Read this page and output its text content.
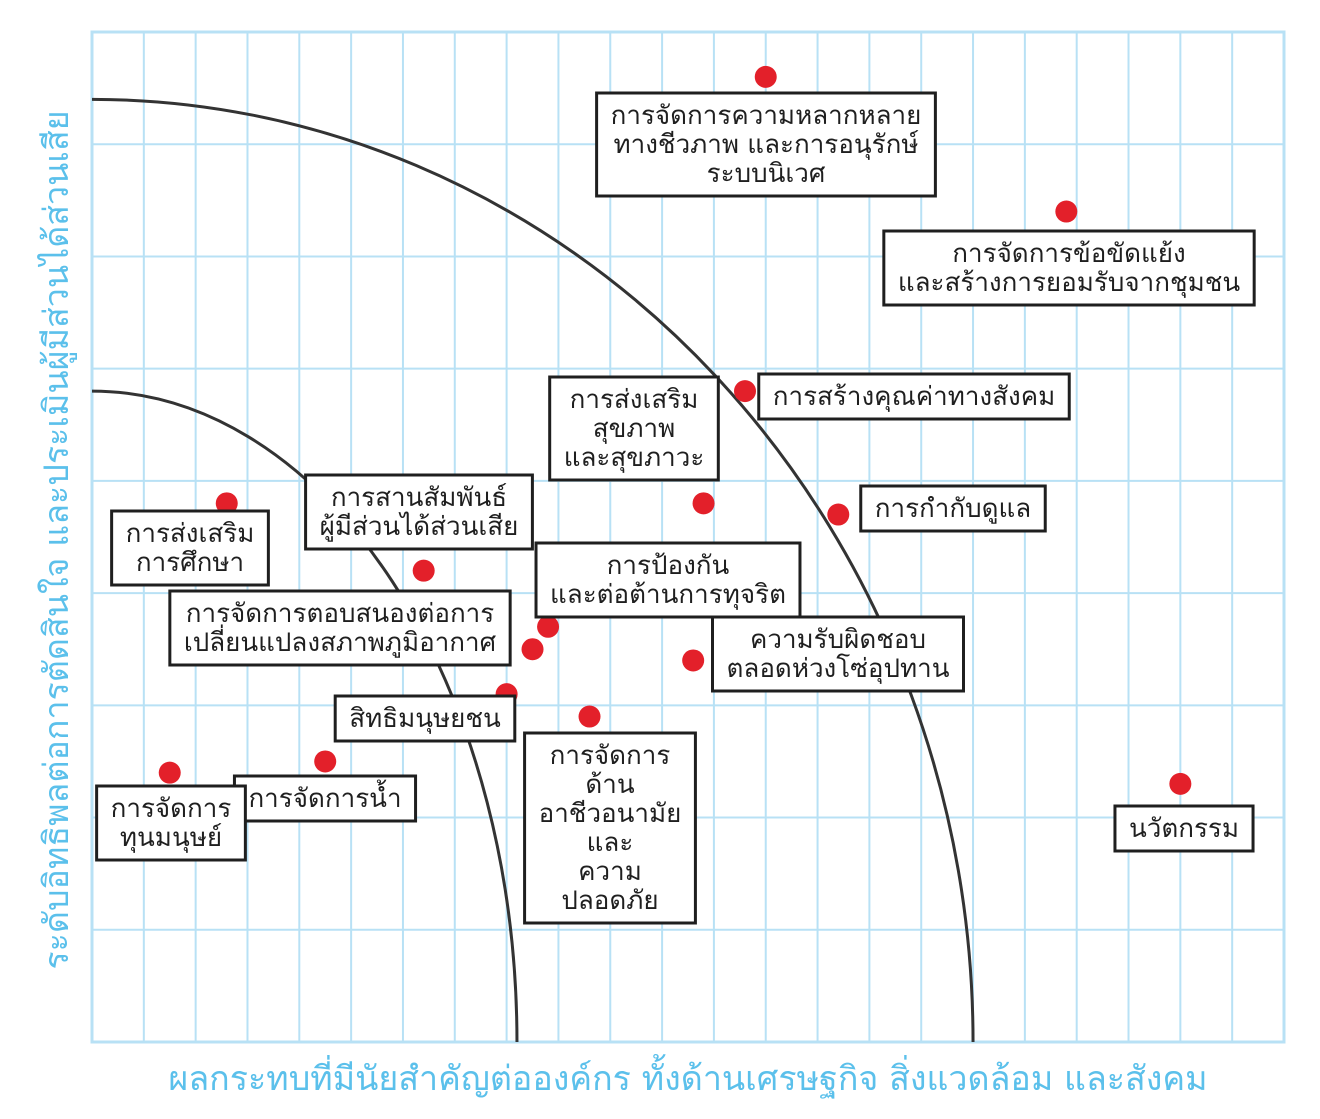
การจัดการความหลากหลาย
ทางชีวภาพ และการอนุรักษ์
ระบบนิเวศ
การจัดการข้อขัดแย้ง
และสร้างการยอมรับจากชุมชน
การสร้างคุณค่าทางสังคม
การส่งเสริม
สุขภาพ
และสุขภาวะ
การกำกับดูแล
การส่งเสริม
การศึกษา
การสานสัมพันธ์
ผู้มีส่วนได้ส่วนเสีย
การป้องกัน
และต่อต้านการทุจริต
การจัดการตอบสนองต่อการ
เปลี่ยนแปลงสภาพภูมิอากาศ	ความรับผิดชอบ
ตลอดห่วงโซ่อุปทาน
สิทธิมนุษยชน
การจัดการ
ด้าน
อาชีวอนามัย
และ
ความ
ปลอดภัย
การจัดการน้ำ
การจัดการ
ทุนมนุษย์	นวัตกรรม
ผลกระทบที่มีนัยสำคัญต่อองค์กร ทั้งด้านเศรษฐกิจ สิ่งแวดล้อม และสังคม
ระดับอิทธิพลต่อการตัดสินใจ และประเมินผู้มีส่วนได้ส่วนเสีย
